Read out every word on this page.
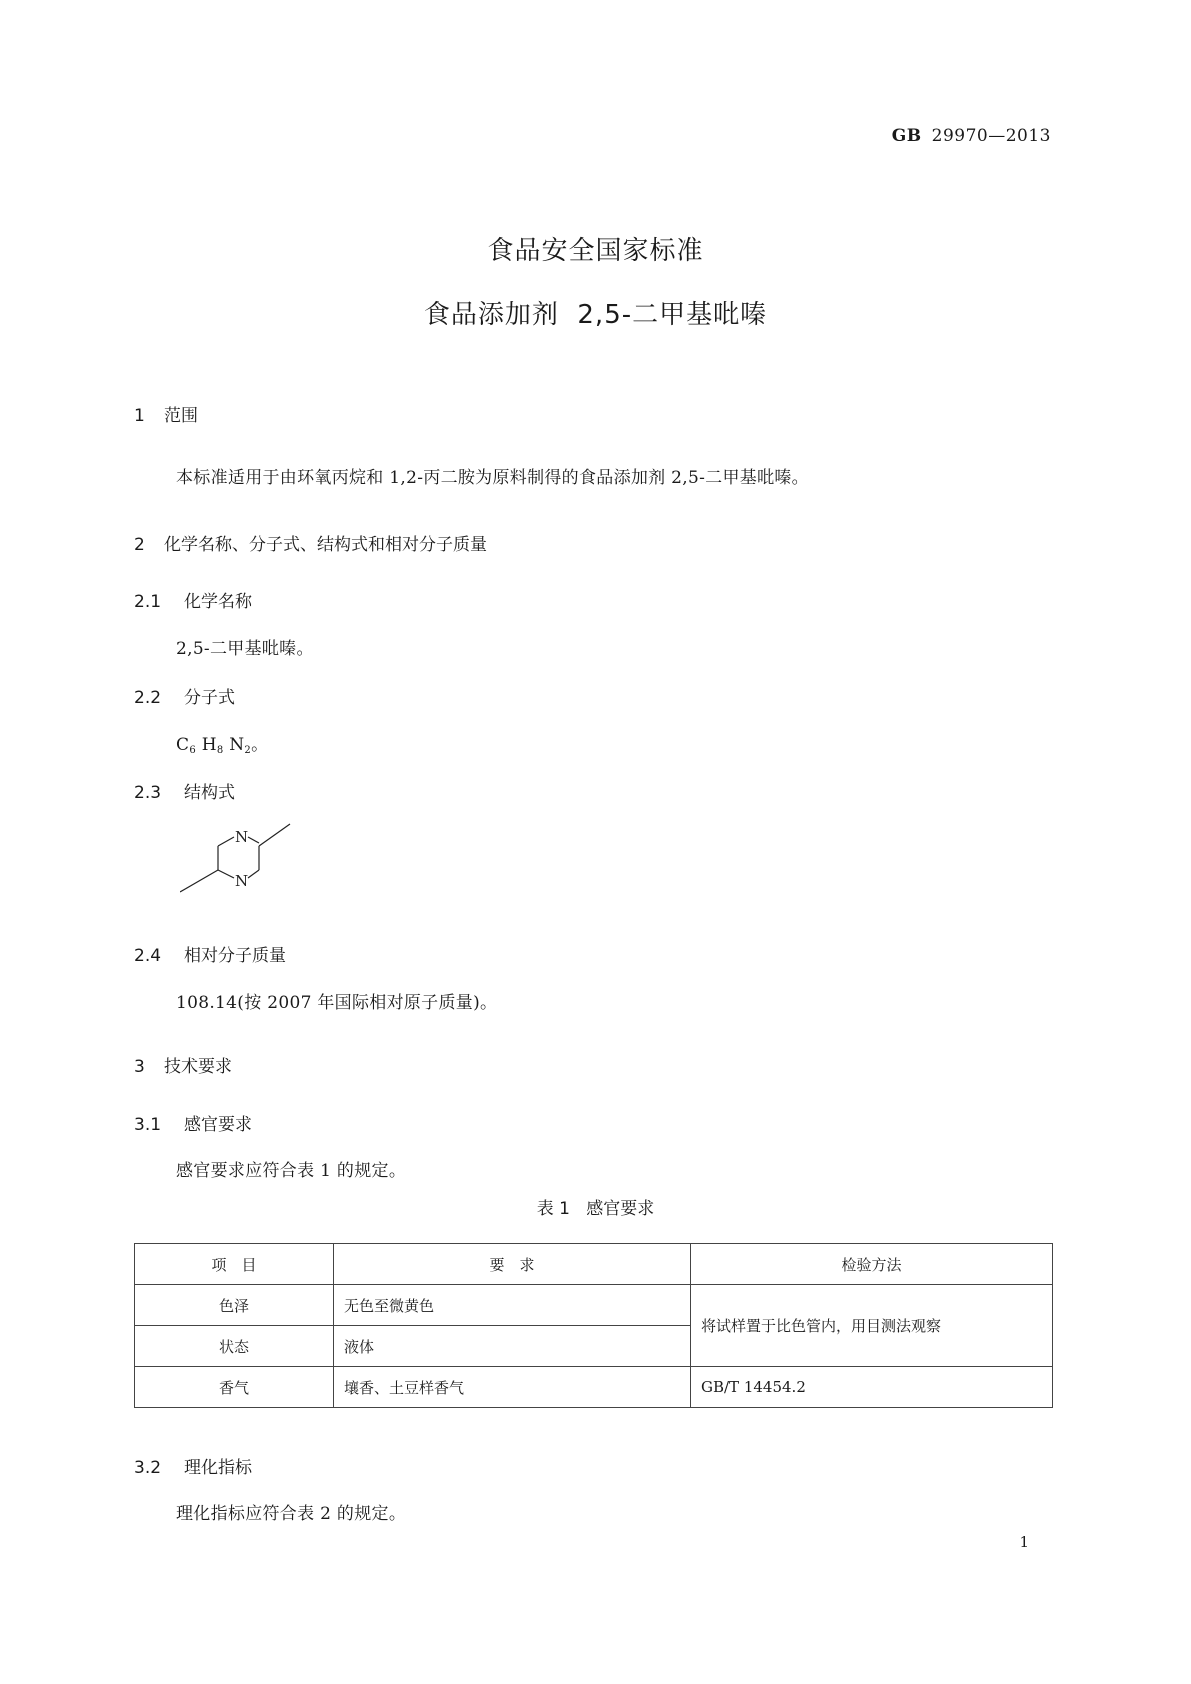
GB 29970—2013
食品安全国家标准
食品添加剂  2,5-二甲基吡嗪
1 范围
本标准适用于由环氧丙烷和 1,2-丙二胺为原料制得的食品添加剂 2,5-二甲基吡嗪。
2 化学名称、分子式、结构式和相对分子质量
2.1 化学名称
2,5-二甲基吡嗪。
2.2 分子式
$C_6$ $H_8$ $N_2$。
2.3 结构式
N
N
2.4 相对分子质量
108.14(按 2007 年国际相对原子质量)。
3 技术要求
3.1 感官要求
感官要求应符合表 1 的规定。
表 1   感官要求
项　目	要　求	检验方法
色泽	无色至微黄色	将试样置于比色管内，用目测法观察
状态	液体	
香气	壤香、土豆样香气	GB/T 14454.2
3.2 理化指标
理化指标应符合表 2 的规定。
1
